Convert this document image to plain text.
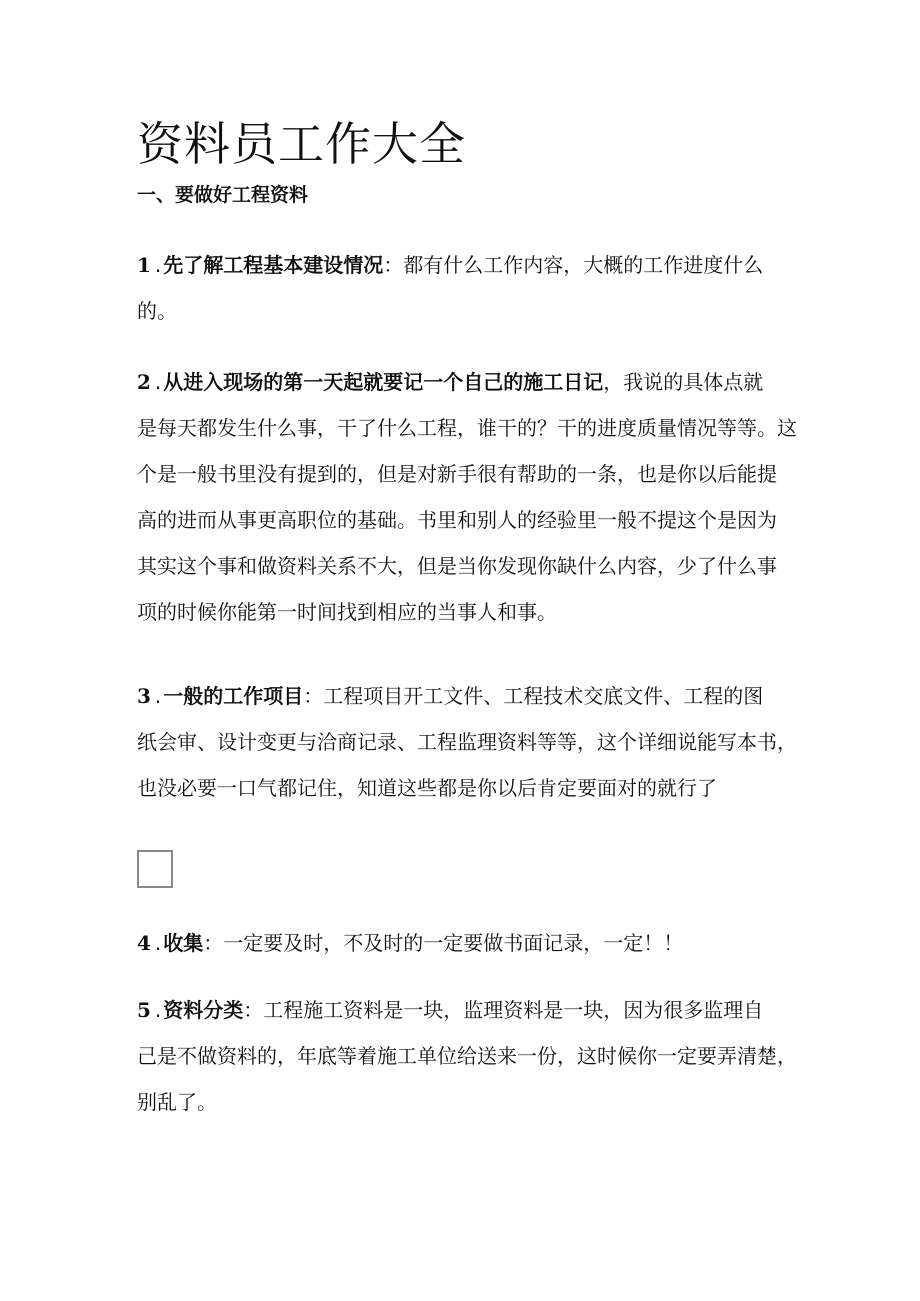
资料员工作大全
一、要做好工程资料

1 . 先了解工程基本建设情况：都有什么工作内容，大概的工作进度什么
的。

2 . 从进入现场的第一天起就要记一个自己的施工日记，我说的具体点就
是每天都发生什么事，干了什么工程，谁干的？干的进度质量情况等等。这
个是一般书里没有提到的，但是对新手很有帮助的一条，也是你以后能提
高的进而从事更高职位的基础。书里和别人的经验里一般不提这个是因为
其实这个事和做资料关系不大，但是当你发现你缺什么内容，少了什么事
项的时候你能第一时间找到相应的当事人和事。

3 . 一般的工作项目：工程项目开工文件、工程技术交底文件、工程的图
纸会审、设计变更与洽商记录、工程监理资料等等，这个详细说能写本书，
也没必要一口气都记住，知道这些都是你以后肯定要面对的就行了

4 . 收集：一定要及时，不及时的一定要做书面记录，一定！！

5 . 资料分类：工程施工资料是一块，监理资料是一块，因为很多监理自
己是不做资料的，年底等着施工单位给送来一份，这时候你一定要弄清楚，
别乱了。
